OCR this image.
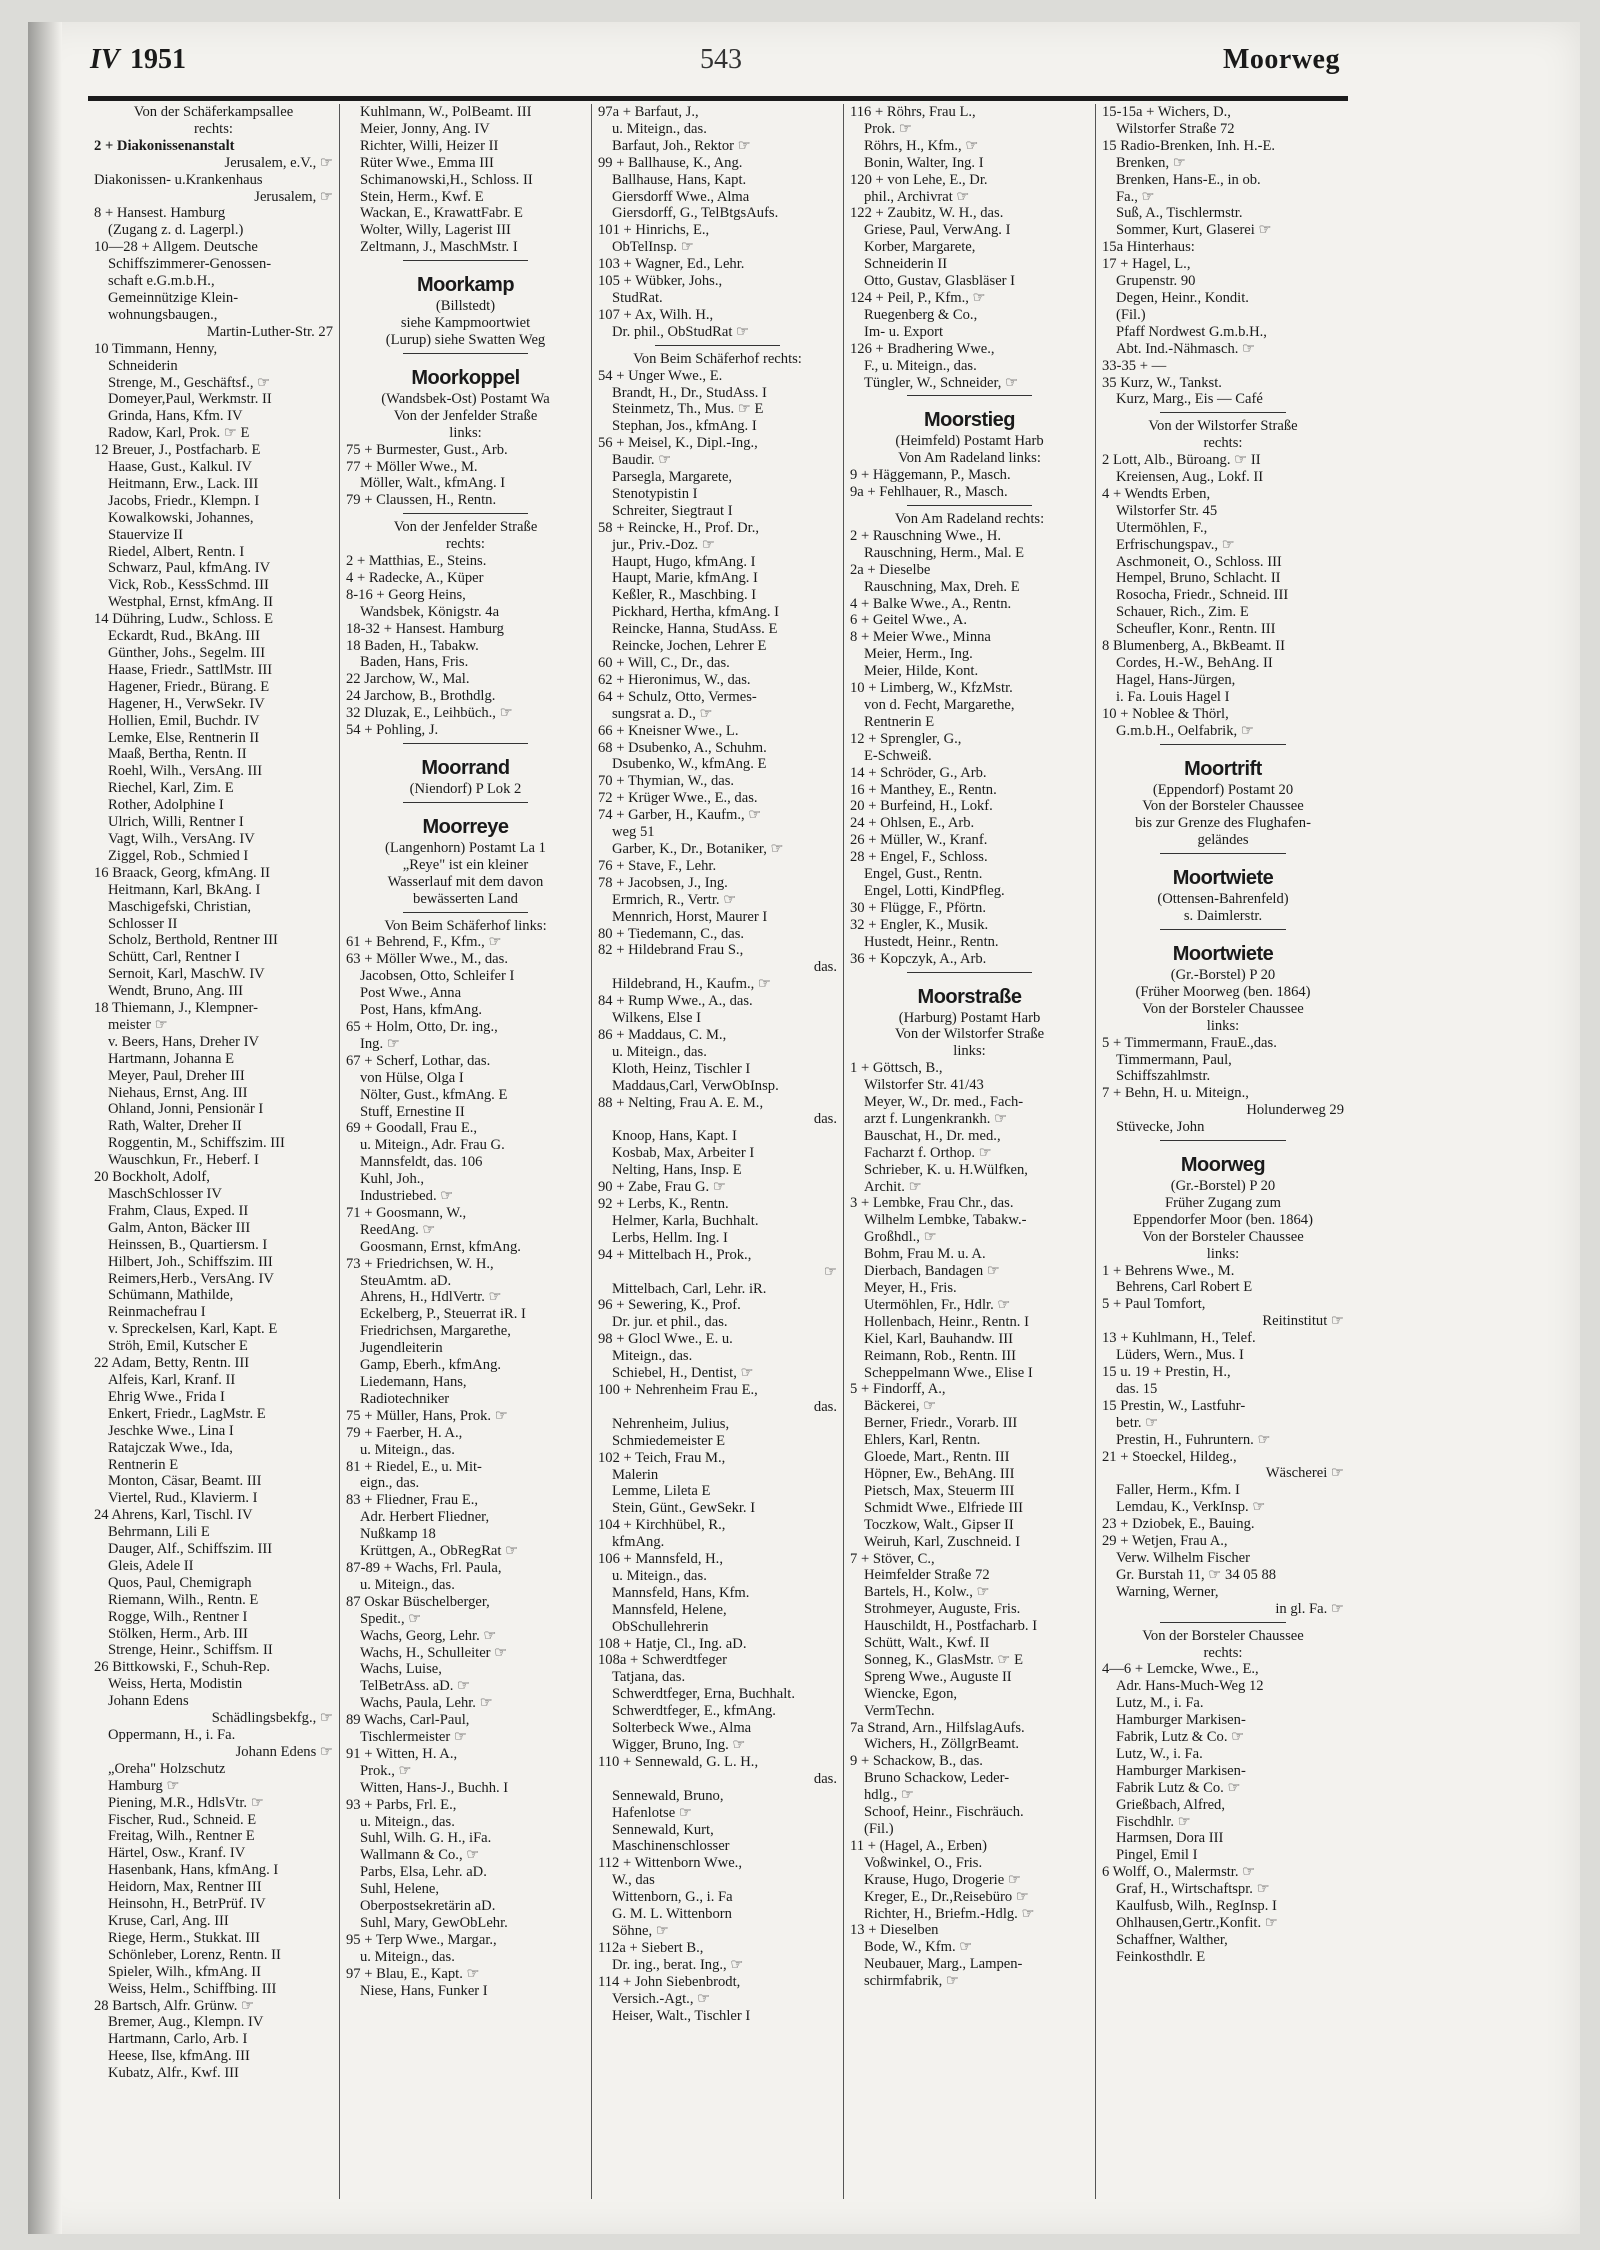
IV 1951	543	Moorweg
Von der Schäferkampsallee
rechts:
2 + Diakonissenanstalt
Jerusalem, e.V., ☞
Diakonissen- u.Krankenhaus
Jerusalem, ☞
8 + Hansest. Hamburg
(Zugang z. d. Lagerpl.)
10—28 + Allgem. Deutsche
Schiffszimmerer-Genossen-
schaft e.G.m.b.H.,
Gemeinnützige Klein-
wohnungsbaugen.,
Martin-Luther-Str. 27
10 Timmann, Henny,
Schneiderin
Strenge, M., Geschäftsf., ☞
Domeyer,Paul, Werkmstr. II
Grinda, Hans, Kfm. IV
Radow, Karl, Prok. ☞ E
12 Breuer, J., Postfacharb. E
Haase, Gust., Kalkul. IV
Heitmann, Erw., Lack. III
Jacobs, Friedr., Klempn. I
Kowalkowski, Johannes,
Stauervize II
Riedel, Albert, Rentn. I
Schwarz, Paul, kfmAng. IV
Vick, Rob., KessSchmd. III
Westphal, Ernst, kfmAng. II
14 Dühring, Ludw., Schloss. E
Eckardt, Rud., BkAng. III
Günther, Johs., Segelm. III
Haase, Friedr., SattlMstr. III
Hagener, Friedr., Bürang. E
Hagener, H., VerwSekr. IV
Hollien, Emil, Buchdr. IV
Lemke, Else, Rentnerin II
Maaß, Bertha, Rentn. II
Roehl, Wilh., VersAng. III
Riechel, Karl, Zim. E
Rother, Adolphine I
Ulrich, Willi, Rentner I
Vagt, Wilh., VersAng. IV
Ziggel, Rob., Schmied I
16 Braack, Georg, kfmAng. II
Heitmann, Karl, BkAng. I
Maschigefski, Christian,
Schlosser II
Scholz, Berthold, Rentner III
Schütt, Carl, Rentner I
Sernoit, Karl, MaschW. IV
Wendt, Bruno, Ang. III
18 Thiemann, J., Klempner-
meister ☞
v. Beers, Hans, Dreher IV
Hartmann, Johanna E
Meyer, Paul, Dreher III
Niehaus, Ernst, Ang. III
Ohland, Jonni, Pensionär I
Rath, Walter, Dreher II
Roggentin, M., Schiffszim. III
Wauschkun, Fr., Heberf. I
20 Bockholt, Adolf,
MaschSchlosser IV
Frahm, Claus, Exped. II
Galm, Anton, Bäcker III
Heinssen, B., Quartiersm. I
Hilbert, Joh., Schiffszim. III
Reimers,Herb., VersAng. IV
Schümann, Mathilde,
Reinmachefrau I
v. Spreckelsen, Karl, Kapt. E
Ströh, Emil, Kutscher E
22 Adam, Betty, Rentn. III
Alfeis, Karl, Kranf. II
Ehrig Wwe., Frida I
Enkert, Friedr., LagMstr. E
Jeschke Wwe., Lina I
Ratajczak Wwe., Ida,
Rentnerin E
Monton, Cäsar, Beamt. III
Viertel, Rud., Klavierm. I
24 Ahrens, Karl, Tischl. IV
Behrmann, Lili E
Dauger, Alf., Schiffszim. III
Gleis, Adele II
Quos, Paul, Chemigraph
Riemann, Wilh., Rentn. E
Rogge, Wilh., Rentner I
Stölken, Herm., Arb. III
Strenge, Heinr., Schiffsm. II
26 Bittkowski, F., Schuh-Rep.
Weiss, Herta, Modistin
Johann Edens
Schädlingsbekfg., ☞
Oppermann, H., i. Fa.
Johann Edens ☞
„Oreha" Holzschutz
Hamburg ☞
Piening, M.R., HdlsVtr. ☞
Fischer, Rud., Schneid. E
Freitag, Wilh., Rentner E
Härtel, Osw., Kranf. IV
Hasenbank, Hans, kfmAng. I
Heidorn, Max, Rentner III
Heinsohn, H., BetrPrüf. IV
Kruse, Carl, Ang. III
Riege, Herm., Stukkat. III
Schönleber, Lorenz, Rentn. II
Spieler, Wilh., kfmAng. II
Weiss, Helm., Schiffbing. III
28 Bartsch, Alfr. Grünw. ☞
Bremer, Aug., Klempn. IV
Hartmann, Carlo, Arb. I
Heese, Ilse, kfmAng. III
Kubatz, Alfr., Kwf. III
Kuhlmann, W., PolBeamt. III
Meier, Jonny, Ang. IV
Richter, Willi, Heizer II
Rüter Wwe., Emma III
Schimanowski,H., Schloss. II
Stein, Herm., Kwf. E
Wackan, E., KrawattFabr. E
Wolter, Willy, Lagerist III
Zeltmann, J., MaschMstr. I
Moorkamp
(Billstedt)
siehe Kampmoortwiet
(Lurup) siehe Swatten Weg
Moorkoppel
(Wandsbek-Ost) Postamt Wa
Von der Jenfelder Straße
links:
75 + Burmester, Gust., Arb.
77 + Möller Wwe., M.
Möller, Walt., kfmAng. I
79 + Claussen, H., Rentn.
Von der Jenfelder Straße
rechts:
2 + Matthias, E., Steins.
4 + Radecke, A., Küper
8-16 + Georg Heins,
Wandsbek, Königstr. 4a
18-32 + Hansest. Hamburg
18 Baden, H., Tabakw.
Baden, Hans, Fris.
22 Jarchow, W., Mal.
24 Jarchow, B., Brothdlg.
32 Dluzak, E., Leihbüch., ☞
54 + Pohling, J.
Moorrand
(Niendorf) P Lok 2
Moorreye
(Langenhorn) Postamt La 1
„Reye" ist ein kleiner
Wasserlauf mit dem davon
bewässerten Land
Von Beim Schäferhof links:
61 + Behrend, F., Kfm., ☞
63 + Möller Wwe., M., das.
Jacobsen, Otto, Schleifer I
Post Wwe., Anna
Post, Hans, kfmAng.
65 + Holm, Otto, Dr. ing.,
Ing. ☞
67 + Scherf, Lothar, das.
von Hülse, Olga I
Nölter, Gust., kfmAng. E
Stuff, Ernestine II
69 + Goodall, Frau E.,
u. Miteign., Adr. Frau G.
Mannsfeldt, das. 106
Kuhl, Joh.,
Industriebed. ☞
71 + Goosmann, W.,
ReedAng. ☞
Goosmann, Ernst, kfmAng.
73 + Friedrichsen, W. H.,
SteuAmtm. aD.
Ahrens, H., HdlVertr. ☞
Eckelberg, P., Steuerrat iR. I
Friedrichsen, Margarethe,
Jugendleiterin
Gamp, Eberh., kfmAng.
Liedemann, Hans,
Radiotechniker
75 + Müller, Hans, Prok. ☞
79 + Faerber, H. A.,
u. Miteign., das.
81 + Riedel, E., u. Mit-
eign., das.
83 + Fliedner, Frau E.,
Adr. Herbert Fliedner,
Nußkamp 18
Krüttgen, A., ObRegRat ☞
87-89 + Wachs, Frl. Paula,
u. Miteign., das.
87 Oskar Büschelberger,
Spedit., ☞
Wachs, Georg, Lehr. ☞
Wachs, H., Schulleiter ☞
Wachs, Luise,
TelBetrAss. aD. ☞
Wachs, Paula, Lehr. ☞
89 Wachs, Carl-Paul,
Tischlermeister ☞
91 + Witten, H. A.,
Prok., ☞
Witten, Hans-J., Buchh. I
93 + Parbs, Frl. E.,
u. Miteign., das.
Suhl, Wilh. G. H., iFa.
Wallmann & Co., ☞
Parbs, Elsa, Lehr. aD.
Suhl, Helene,
Oberpostsekretärin aD.
Suhl, Mary, GewObLehr.
95 + Terp Wwe., Margar.,
u. Miteign., das.
97 + Blau, E., Kapt. ☞
Niese, Hans, Funker I
97a + Barfaut, J.,
u. Miteign., das.
Barfaut, Joh., Rektor ☞
99 + Ballhause, K., Ang.
Ballhause, Hans, Kapt.
Giersdorff Wwe., Alma
Giersdorff, G., TelBtgsAufs.
101 + Hinrichs, E.,
ObTelInsp. ☞
103 + Wagner, Ed., Lehr.
105 + Wübker, Johs.,
StudRat.
107 + Ax, Wilh. H.,
Dr. phil., ObStudRat ☞
Von Beim Schäferhof rechts:
54 + Unger Wwe., E.
Brandt, H., Dr., StudAss. I
Steinmetz, Th., Mus. ☞ E
Stephan, Jos., kfmAng. I
56 + Meisel, K., Dipl.-Ing.,
Baudir. ☞
Parsegla, Margarete,
Stenotypistin I
Schreiter, Siegtraut I
58 + Reincke, H., Prof. Dr.,
jur., Priv.-Doz. ☞
Haupt, Hugo, kfmAng. I
Haupt, Marie, kfmAng. I
Keßler, R., Maschbing. I
Pickhard, Hertha, kfmAng. I
Reincke, Hanna, StudAss. E
Reincke, Jochen, Lehrer E
60 + Will, C., Dr., das.
62 + Hieronimus, W., das.
64 + Schulz, Otto, Vermes-
sungsrat a. D., ☞
66 + Kneisner Wwe., L.
68 + Dsubenko, A., Schuhm.
Dsubenko, W., kfmAng. E
70 + Thymian, W., das.
72 + Krüger Wwe., E., das.
74 + Garber, H., Kaufm., ☞
weg 51
Garber, K., Dr., Botaniker, ☞
76 + Stave, F., Lehr.
78 + Jacobsen, J., Ing.
Ermrich, R., Vertr. ☞
Mennrich, Horst, Maurer I
80 + Tiedemann, C., das.
82 + Hildebrand Frau S.,
das.
Hildebrand, H., Kaufm., ☞
84 + Rump Wwe., A., das.
Wilkens, Else I
86 + Maddaus, C. M.,
u. Miteign., das.
Kloth, Heinz, Tischler I
Maddaus,Carl, VerwObInsp.
88 + Nelting, Frau A. E. M.,
das.
Knoop, Hans, Kapt. I
Kosbab, Max, Arbeiter I
Nelting, Hans, Insp. E
90 + Zabe, Frau G. ☞
92 + Lerbs, K., Rentn.
Helmer, Karla, Buchhalt.
Lerbs, Hellm. Ing. I
94 + Mittelbach H., Prok.,
☞
Mittelbach, Carl, Lehr. iR.
96 + Sewering, K., Prof.
Dr. jur. et phil., das.
98 + Glocl Wwe., E. u.
Miteign., das.
Schiebel, H., Dentist, ☞
100 + Nehrenheim Frau E.,
das.
Nehrenheim, Julius,
Schmiedemeister E
102 + Teich, Frau M.,
Malerin
Lemme, Lileta E
Stein, Günt., GewSekr. I
104 + Kirchhübel, R.,
kfmAng.
106 + Mannsfeld, H.,
u. Miteign., das.
Mannsfeld, Hans, Kfm.
Mannsfeld, Helene,
ObSchullehrerin
108 + Hatje, Cl., Ing. aD.
108a + Schwerdtfeger
Tatjana, das.
Schwerdtfeger, Erna, Buchhalt.
Schwerdtfeger, E., kfmAng.
Solterbeck Wwe., Alma
Wigger, Bruno, Ing. ☞
110 + Sennewald, G. L. H.,
das.
Sennewald, Bruno,
Hafenlotse ☞
Sennewald, Kurt,
Maschinenschlosser
112 + Wittenborn Wwe.,
W., das
Wittenborn, G., i. Fa
G. M. L. Wittenborn
Söhne, ☞
112a + Siebert B.,
Dr. ing., berat. Ing., ☞
114 + John Siebenbrodt,
Versich.-Agt., ☞
Heiser, Walt., Tischler I
116 + Röhrs, Frau L.,
Prok. ☞
Röhrs, H., Kfm., ☞
Bonin, Walter, Ing. I
120 + von Lehe, E., Dr.
phil., Archivrat ☞
122 + Zaubitz, W. H., das.
Griese, Paul, VerwAng. I
Korber, Margarete,
Schneiderin II
Otto, Gustav, Glasbläser I
124 + Peil, P., Kfm., ☞
Ruegenberg & Co.,
Im- u. Export
126 + Bradhering Wwe.,
F., u. Miteign., das.
Tüngler, W., Schneider, ☞
Moorstieg
(Heimfeld) Postamt Harb
Von Am Radeland links:
9 + Häggemann, P., Masch.
9a + Fehlhauer, R., Masch.
Von Am Radeland rechts:
2 + Rauschning Wwe., H.
Rauschning, Herm., Mal. E
2a + Dieselbe
Rauschning, Max, Dreh. E
4 + Balke Wwe., A., Rentn.
6 + Geitel Wwe., A.
8 + Meier Wwe., Minna
Meier, Herm., Ing.
Meier, Hilde, Kont.
10 + Limberg, W., KfzMstr.
von d. Fecht, Margarethe,
Rentnerin E
12 + Sprengler, G.,
E-Schweiß.
14 + Schröder, G., Arb.
16 + Manthey, E., Rentn.
20 + Burfeind, H., Lokf.
24 + Ohlsen, E., Arb.
26 + Müller, W., Kranf.
28 + Engel, F., Schloss.
Engel, Gust., Rentn.
Engel, Lotti, KindPfleg.
30 + Flügge, F., Pförtn.
32 + Engler, K., Musik.
Hustedt, Heinr., Rentn.
36 + Kopczyk, A., Arb.
Moorstraße
(Harburg) Postamt Harb
Von der Wilstorfer Straße
links:
1 + Göttsch, B.,
Wilstorfer Str. 41/43
Meyer, W., Dr. med., Fach-
arzt f. Lungenkrankh. ☞
Bauschat, H., Dr. med.,
Facharzt f. Orthop. ☞
Schrieber, K. u. H.Wülfken,
Archit. ☞
3 + Lembke, Frau Chr., das.
Wilhelm Lembke, Tabakw.-
Großhdl., ☞
Bohm, Frau M. u. A.
Dierbach, Bandagen ☞
Meyer, H., Fris.
Utermöhlen, Fr., Hdlr. ☞
Hollenbach, Heinr., Rentn. I
Kiel, Karl, Bauhandw. III
Reimann, Rob., Rentn. III
Scheppelmann Wwe., Elise I
5 + Findorff, A.,
Bäckerei, ☞
Berner, Friedr., Vorarb. III
Ehlers, Karl, Rentn.
Gloede, Mart., Rentn. III
Höpner, Ew., BehAng. III
Pietsch, Max, Steuerm III
Schmidt Wwe., Elfriede III
Toczkow, Walt., Gipser II
Weiruh, Karl, Zuschneid. I
7 + Stöver, C.,
Heimfelder Straße 72
Bartels, H., Kolw., ☞
Strohmeyer, Auguste, Fris.
Hauschildt, H., Postfacharb. I
Schütt, Walt., Kwf. II
Sonneg, K., GlasMstr. ☞ E
Spreng Wwe., Auguste II
Wiencke, Egon,
VermTechn.
7a Strand, Arn., HilfslagAufs.
Wichers, H., ZöllgrBeamt.
9 + Schackow, B., das.
Bruno Schackow, Leder-
hdlg., ☞
Schoof, Heinr., Fischräuch.
(Fil.)
11 + (Hagel, A., Erben)
Voßwinkel, O., Fris.
Krause, Hugo, Drogerie ☞
Kreger, E., Dr.,Reisebüro ☞
Richter, H., Briefm.-Hdlg. ☞
13 + Dieselben
Bode, W., Kfm. ☞
Neubauer, Marg., Lampen-
schirmfabrik, ☞
15-15a + Wichers, D.,
Wilstorfer Straße 72
15 Radio-Brenken, Inh. H.-E.
Brenken, ☞
Brenken, Hans-E., in ob.
Fa., ☞
Suß, A., Tischlermstr.
Sommer, Kurt, Glaserei ☞
15a Hinterhaus:
17 + Hagel, L.,
Grupenstr. 90
Degen, Heinr., Kondit.
(Fil.)
Pfaff Nordwest G.m.b.H.,
Abt. Ind.-Nähmasch. ☞
33-35 + —
35 Kurz, W., Tankst.
Kurz, Marg., Eis — Café
Von der Wilstorfer Straße
rechts:
2 Lott, Alb., Büroang. ☞ II
Kreiensen, Aug., Lokf. II
4 + Wendts Erben,
Wilstorfer Str. 45
Utermöhlen, F.,
Erfrischungspav., ☞
Aschmoneit, O., Schloss. III
Hempel, Bruno, Schlacht. II
Rosocha, Friedr., Schneid. III
Schauer, Rich., Zim. E
Scheufler, Konr., Rentn. III
8 Blumenberg, A., BkBeamt. II
Cordes, H.-W., BehAng. II
Hagel, Hans-Jürgen,
i. Fa. Louis Hagel I
10 + Noblee & Thörl,
G.m.b.H., Oelfabrik, ☞
Moortrift
(Eppendorf) Postamt 20
Von der Borsteler Chaussee
bis zur Grenze des Flughafen-
geländes
Moortwiete
(Ottensen-Bahrenfeld)
s. Daimlerstr.
Moortwiete
(Gr.-Borstel) P 20
(Früher Moorweg (ben. 1864)
Von der Borsteler Chaussee
links:
5 + Timmermann, FrauE.,das.
Timmermann, Paul,
Schiffszahlmstr.
7 + Behn, H. u. Miteign.,
Holunderweg 29
Stüvecke, John
Moorweg
(Gr.-Borstel) P 20
Früher Zugang zum
Eppendorfer Moor (ben. 1864)
Von der Borsteler Chaussee
links:
1 + Behrens Wwe., M.
Behrens, Carl Robert E
5 + Paul Tomfort,
Reitinstitut ☞
13 + Kuhlmann, H., Telef.
Lüders, Wern., Mus. I
15 u. 19 + Prestin, H.,
das. 15
15 Prestin, W., Lastfuhr-
betr. ☞
Prestin, H., Fuhruntern. ☞
21 + Stoeckel, Hildeg.,
Wäscherei ☞
Faller, Herm., Kfm. I
Lemdau, K., VerkInsp. ☞
23 + Dziobek, E., Bauing.
29 + Wetjen, Frau A.,
Verw. Wilhelm Fischer
Gr. Burstah 11, ☞ 34 05 88
Warning, Werner,
in gl. Fa. ☞
Von der Borsteler Chaussee
rechts:
4—6 + Lemcke, Wwe., E.,
Adr. Hans-Much-Weg 12
Lutz, M., i. Fa.
Hamburger Markisen-
Fabrik, Lutz & Co. ☞
Lutz, W., i. Fa.
Hamburger Markisen-
Fabrik Lutz & Co. ☞
Grießbach, Alfred,
Fischdhlr. ☞
Harmsen, Dora III
Pingel, Emil I
6 Wolff, O., Malermstr. ☞
Graf, H., Wirtschaftspr. ☞
Kaulfusb, Wilh., RegInsp. I
Ohlhausen,Gertr.,Konfit. ☞
Schaffner, Walther,
Feinkosthdlr. E
